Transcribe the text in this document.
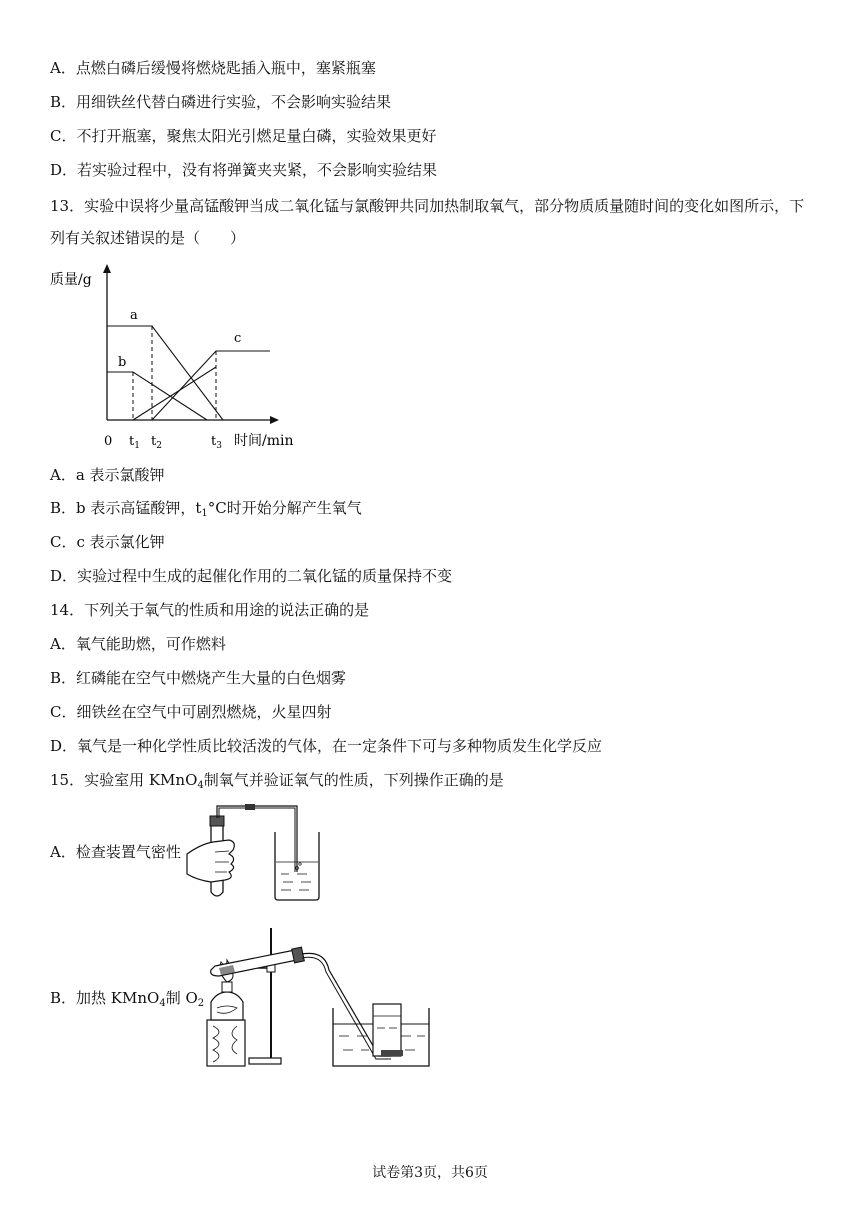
A．点燃白磷后缓慢将燃烧匙插入瓶中，塞紧瓶塞
B．用细铁丝代替白磷进行实验，不会影响实验结果
C．不打开瓶塞，聚焦太阳光引燃足量白磷，实验效果更好
D．若实验过程中，没有将弹簧夹夹紧，不会影响实验结果
13．实验中误将少量高锰酸钾当成二氧化锰与氯酸钾共同加热制取氧气，部分物质质量随时间的变化如图所示，下
列有关叙述错误的是（　　）
质量/g
a
b
c
0 $t_1$ $t_2$	$t_3$ 时间/min
A．a 表示氯酸钾
B．b 表示高锰酸钾，$t_1^\circ C$时开始分解产生氧气
C．c 表示氯化钾
D．实验过程中生成的起催化作用的二氧化锰的质量保持不变
14．下列关于氧气的性质和用途的说法正确的是
A．氧气能助燃，可作燃料
B．红磷能在空气中燃烧产生大量的白色烟雾
C．细铁丝在空气中可剧烈燃烧，火星四射
D．氧气是一种化学性质比较活泼的气体，在一定条件下可与多种物质发生化学反应
15．实验室用 KMnO$_4$制氧气并验证氧气的性质，下列操作正确的是
A．检查装置气密性
B．加热 KMnO$_4$制 $O_2$
试卷第3页，共6页
